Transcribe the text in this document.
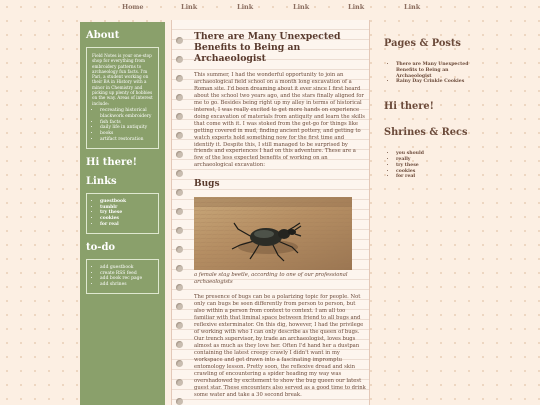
Home	Link	Link	Link	Link	Link
About

Field Notes is your one-stop shop for everything from embroidery patterns to archaeology fun facts. I'm Pari, a student working on their BA in History with a minor in Chemistry and picking up plenty of hobbies on the way. Areas of interest include:

• recreating historical blackwork embroidery
• fish facts
• daily life in antiquity
• books
• artifact restoration
Hi there!
Links
• guestbook
• tumblr
• try these
• cookies
• for real
to-do
• add guestbook
• create RSS feed
• add book rec page
• add shrines
There are Many Unexpected Benefits to Being an Archaeologist

This summer, I had the wonderful opportunity to join an archaeological field school on a month long excavation of a Roman site. I'd been dreaming about it ever since I first heard about the school two years ago, and the stars finally aligned for me to go. Besides being right up my alley in terms of historical interest, I was really excited to get more hands on experience doing excavation of materials from antiquity and learn the skills that come with it. I was stoked from the get-go for things like getting covered in mud, finding ancient pottery, and getting to watch experts hold something now for the first time and identify it. Despite this, I still managed to be surprised by friends and experiences I had on this adventure. These are a few of the less expected benefits of working on an archaeological excavation:

Bugs

a female stag beetle, according to one of our professional archaeologists

The presence of bugs can be a polarizing topic for people. Not only can bugs be seen differently from person to person, but also within a person from context to context. I am all too familiar with that liminal space between friend to all bugs and reflexive exterminator. On this dig, however, I had the privilege of working with who I can only describe as the queen of bugs. Our trench supervisor, by trade an archaeologist, loves bugs almost as much as they love her. Often I'd hand her a dustpan containing the latest creepy crawly I didn't want in my workspace and get drawn into a fascinating impromptu entomology lesson. Pretty soon, the reflexive dread and skin crawling of encountering a spider heading my way was overshadowed by excitement to show the bug queen our latest guest star. These encounters also served as a good time to drink some water and take a 30 second break.

Pages & Posts
• There are Many Unexpected Benefits to Being an Archaeologist
• Rainy Day Crinkle Cookies
Hi there!
Shrines & Recs
• you should
• really
• try these
• cookies
• for real
